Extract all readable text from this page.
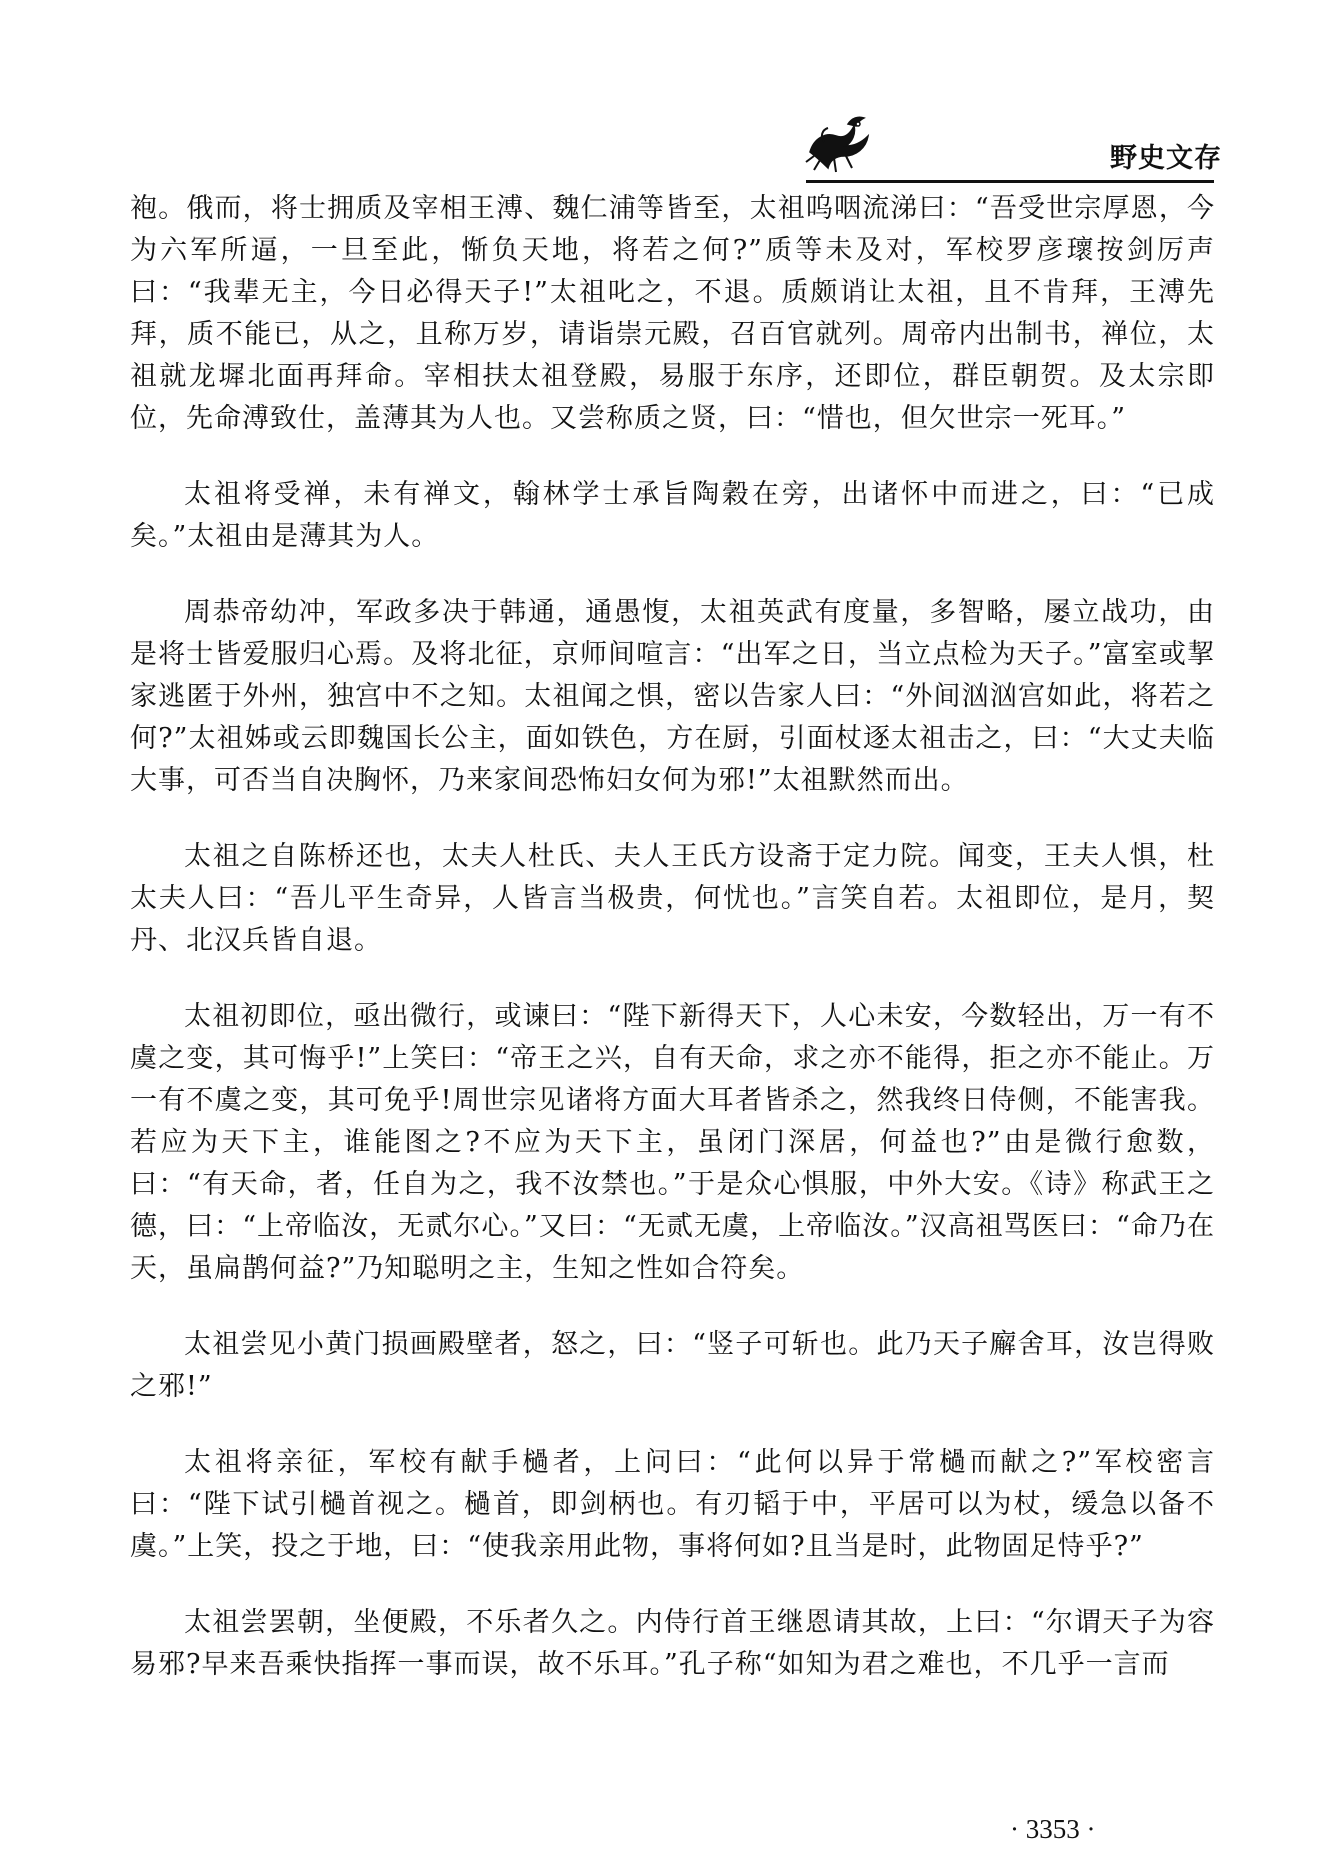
野史文存

袍。俄而，将士拥质及宰相王溥、魏仁浦等皆至，太祖呜咽流涕曰：“吾受世宗厚恩，今为六军所逼，一旦至此，惭负天地，将若之何?”质等未及对，军校罗彦瓌按剑厉声曰：“我辈无主，今日必得天子!”太祖叱之，不退。质颇诮让太祖，且不肯拜，王溥先拜，质不能已，从之，且称万岁，请诣崇元殿，召百官就列。周帝内出制书，禅位，太祖就龙墀北面再拜命。宰相扶太祖登殿，易服于东序，还即位，群臣朝贺。及太宗即位，先命溥致仕，盖薄其为人也。又尝称质之贤，曰：“惜也，但欠世宗一死耳。”

太祖将受禅，未有禅文，翰林学士承旨陶穀在旁，出诸怀中而进之，曰：“已成矣。”太祖由是薄其为人。

周恭帝幼冲，军政多决于韩通，通愚愎，太祖英武有度量，多智略，屡立战功，由是将士皆爱服归心焉。及将北征，京师间喧言：“出军之日，当立点检为天子。”富室或挈家逃匿于外州，独宫中不之知。太祖闻之惧，密以告家人曰：“外间汹汹宫如此，将若之何?”太祖姊或云即魏国长公主，面如铁色，方在厨，引面杖逐太祖击之，曰：“大丈夫临大事，可否当自决胸怀，乃来家间恐怖妇女何为邪!”太祖默然而出。

太祖之自陈桥还也，太夫人杜氏、夫人王氏方设斋于定力院。闻变，王夫人惧，杜太夫人曰：“吾儿平生奇异，人皆言当极贵，何忧也。”言笑自若。太祖即位，是月，契丹、北汉兵皆自退。

太祖初即位，亟出微行，或谏曰：“陛下新得天下，人心未安，今数轻出，万一有不虞之变，其可悔乎!”上笑曰：“帝王之兴，自有天命，求之亦不能得，拒之亦不能止。万一有不虞之变，其可免乎!周世宗见诸将方面大耳者皆杀之，然我终日侍侧，不能害我。若应为天下主，谁能图之?不应为天下主，虽闭门深居，何益也?”由是微行愈数，曰：“有天命，者，任自为之，我不汝禁也。”于是众心惧服，中外大安。《诗》称武王之德，曰：“上帝临汝，无贰尔心。”又曰：“无贰无虞，上帝临汝。”汉高祖骂医曰：“命乃在天，虽扁鹊何益?”乃知聪明之主，生知之性如合符矣。

太祖尝见小黄门损画殿壁者，怒之，曰：“竖子可斩也。此乃天子廨舍耳，汝岂得败之邪!”

太祖将亲征，军校有献手檛者，上问曰：“此何以异于常檛而献之?”军校密言曰：“陛下试引檛首视之。檛首，即剑柄也。有刃韬于中，平居可以为杖，缓急以备不虞。”上笑，投之于地，曰：“使我亲用此物，事将何如?且当是时，此物固足恃乎?”

太祖尝罢朝，坐便殿，不乐者久之。内侍行首王继恩请其故，上曰：“尔谓天子为容易邪?早来吾乘快指挥一事而误，故不乐耳。”孔子称“如知为君之难也，不几乎一言而

· 3353 ·
